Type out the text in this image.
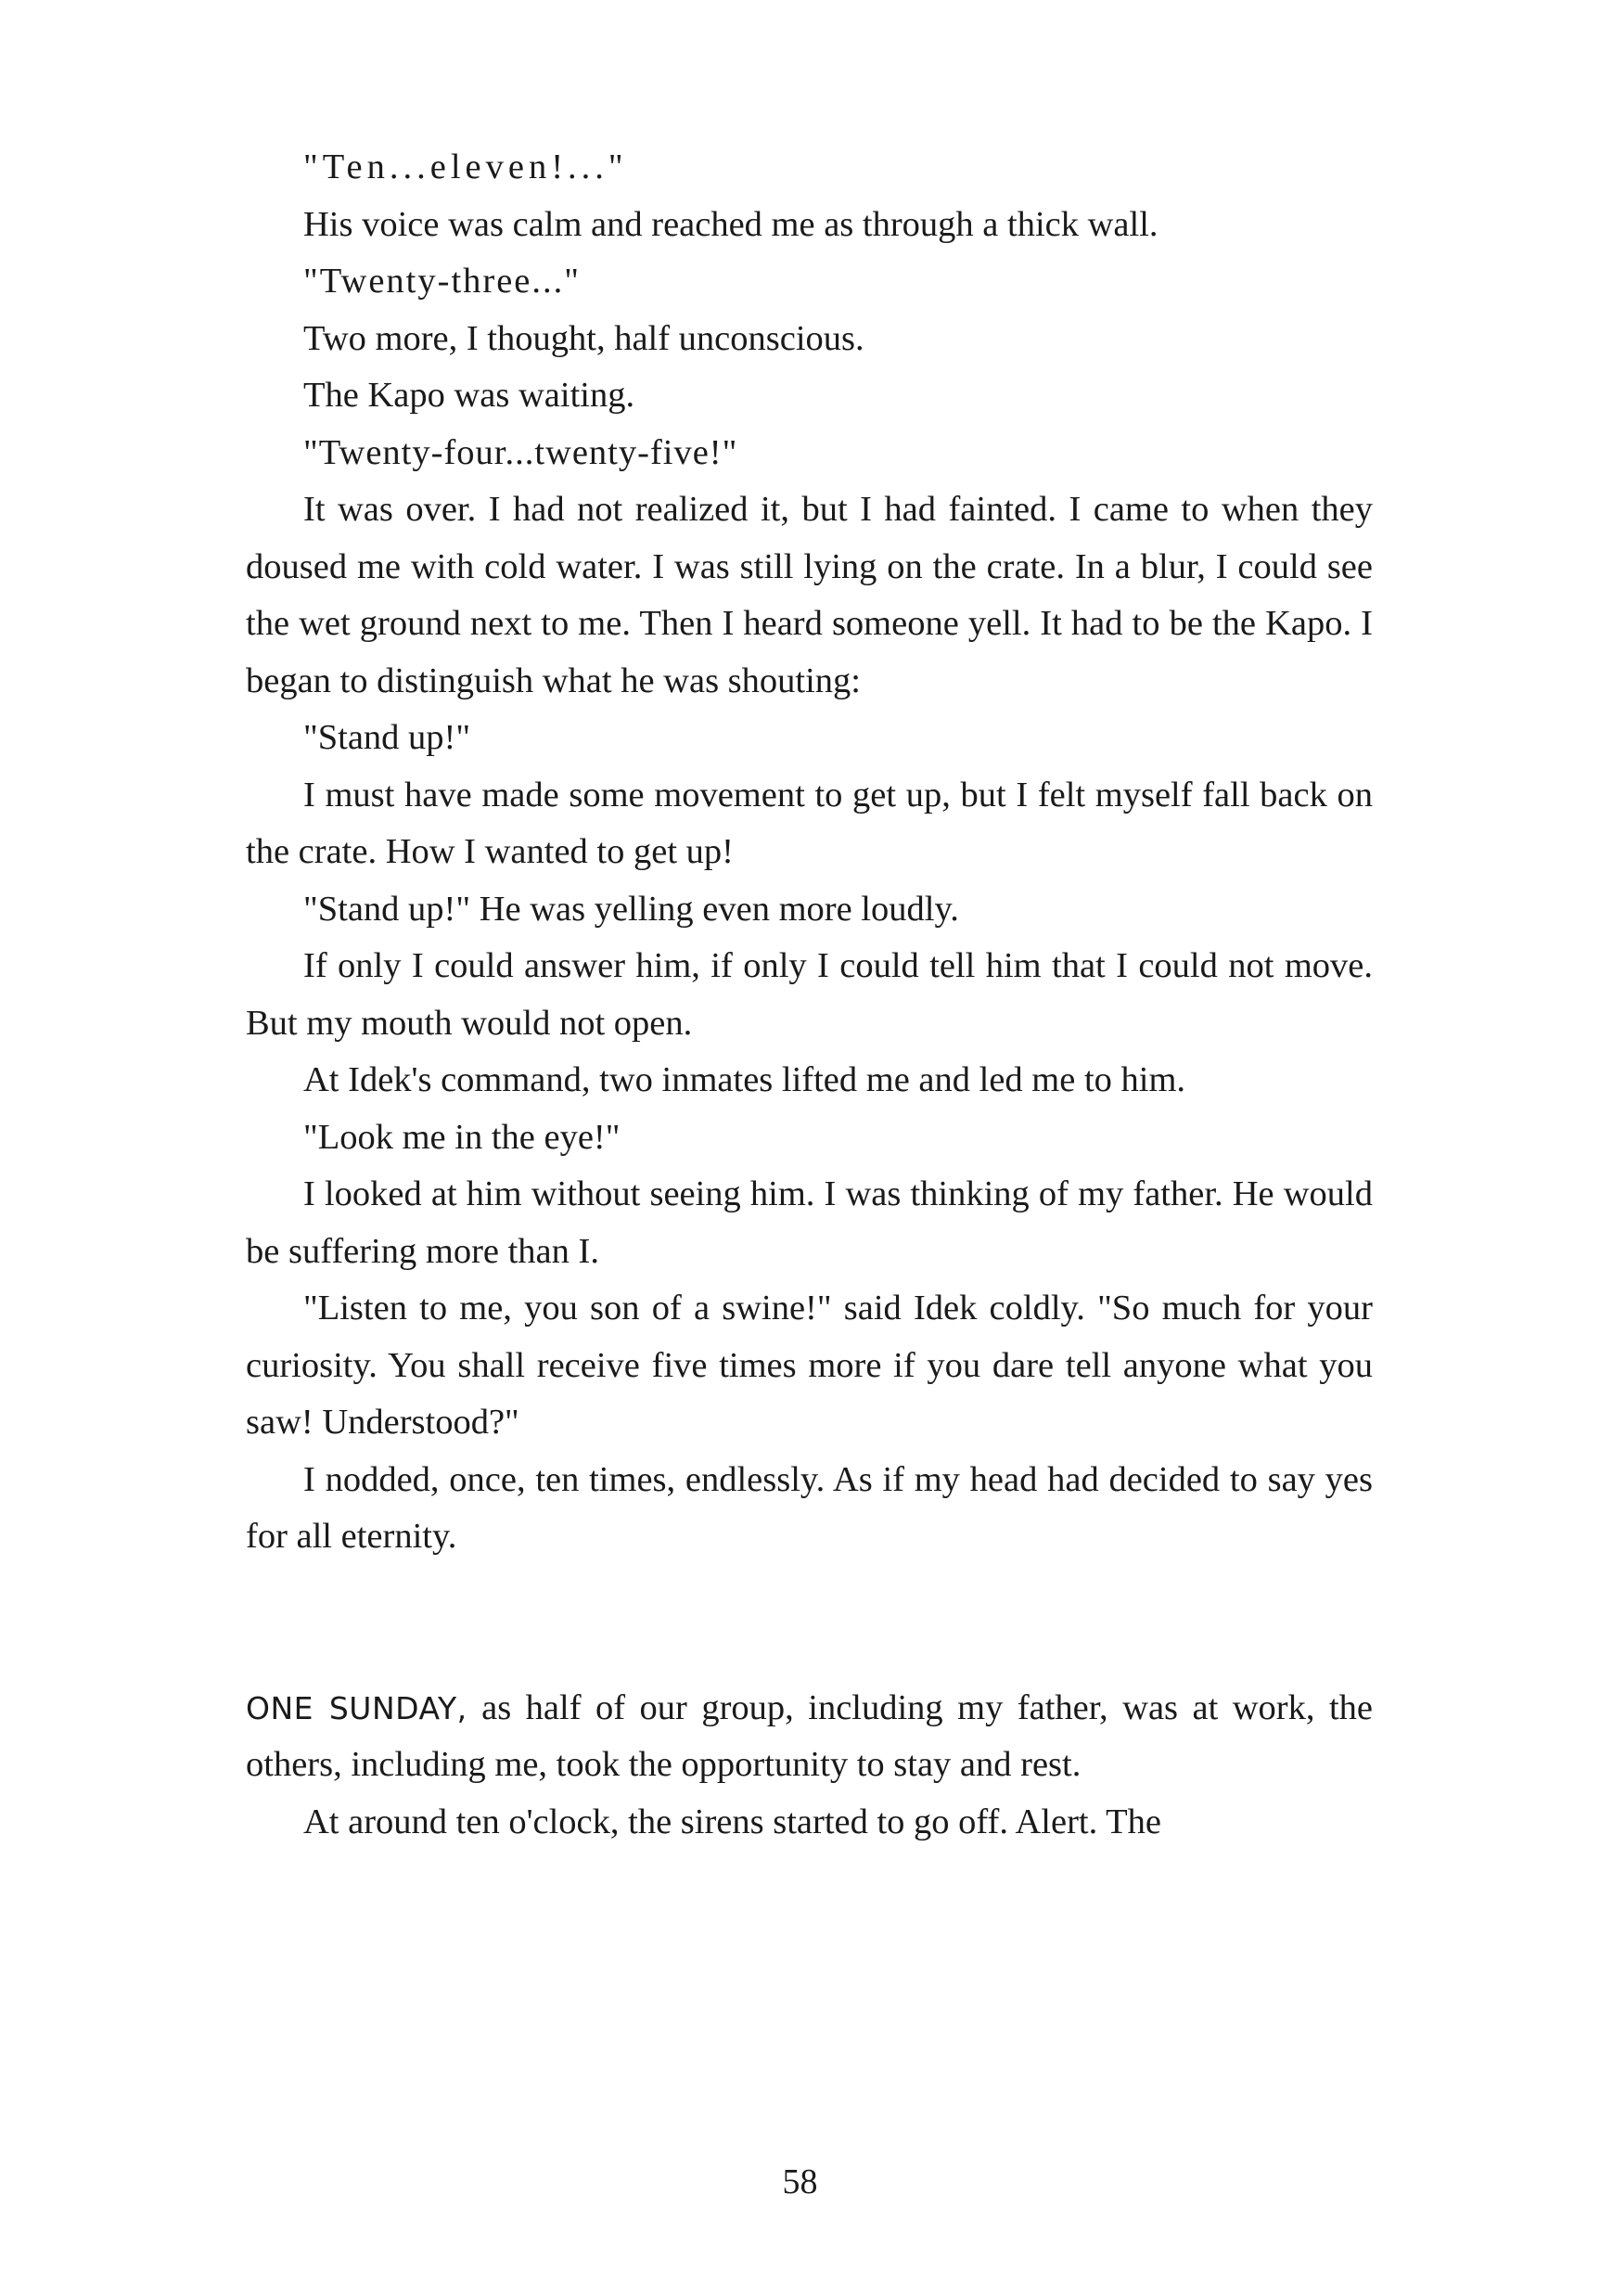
"Ten...eleven!..."

His voice was calm and reached me as through a thick wall.

"Twenty-three..."

Two more, I thought, half unconscious.

The Kapo was waiting.

"Twenty-four...twenty-five!"

It was over. I had not realized it, but I had fainted. I came to when they doused me with cold water. I was still lying on the crate. In a blur, I could see the wet ground next to me. Then I heard someone yell. It had to be the Kapo. I began to distinguish what he was shouting:

"Stand up!"

I must have made some movement to get up, but I felt myself fall back on the crate. How I wanted to get up!

"Stand up!" He was yelling even more loudly.

If only I could answer him, if only I could tell him that I could not move. But my mouth would not open.

At Idek's command, two inmates lifted me and led me to him.

"Look me in the eye!"

I looked at him without seeing him. I was thinking of my father. He would be suffering more than I.

"Listen to me, you son of a swine!" said Idek coldly. "So much for your curiosity. You shall receive five times more if you dare tell anyone what you saw! Understood?"

I nodded, once, ten times, endlessly. As if my head had decided to say yes for all eternity.

ONE SUNDAY, as half of our group, including my father, was at work, the others, including me, took the opportunity to stay and rest.

At around ten o'clock, the sirens started to go off. Alert. The

58
